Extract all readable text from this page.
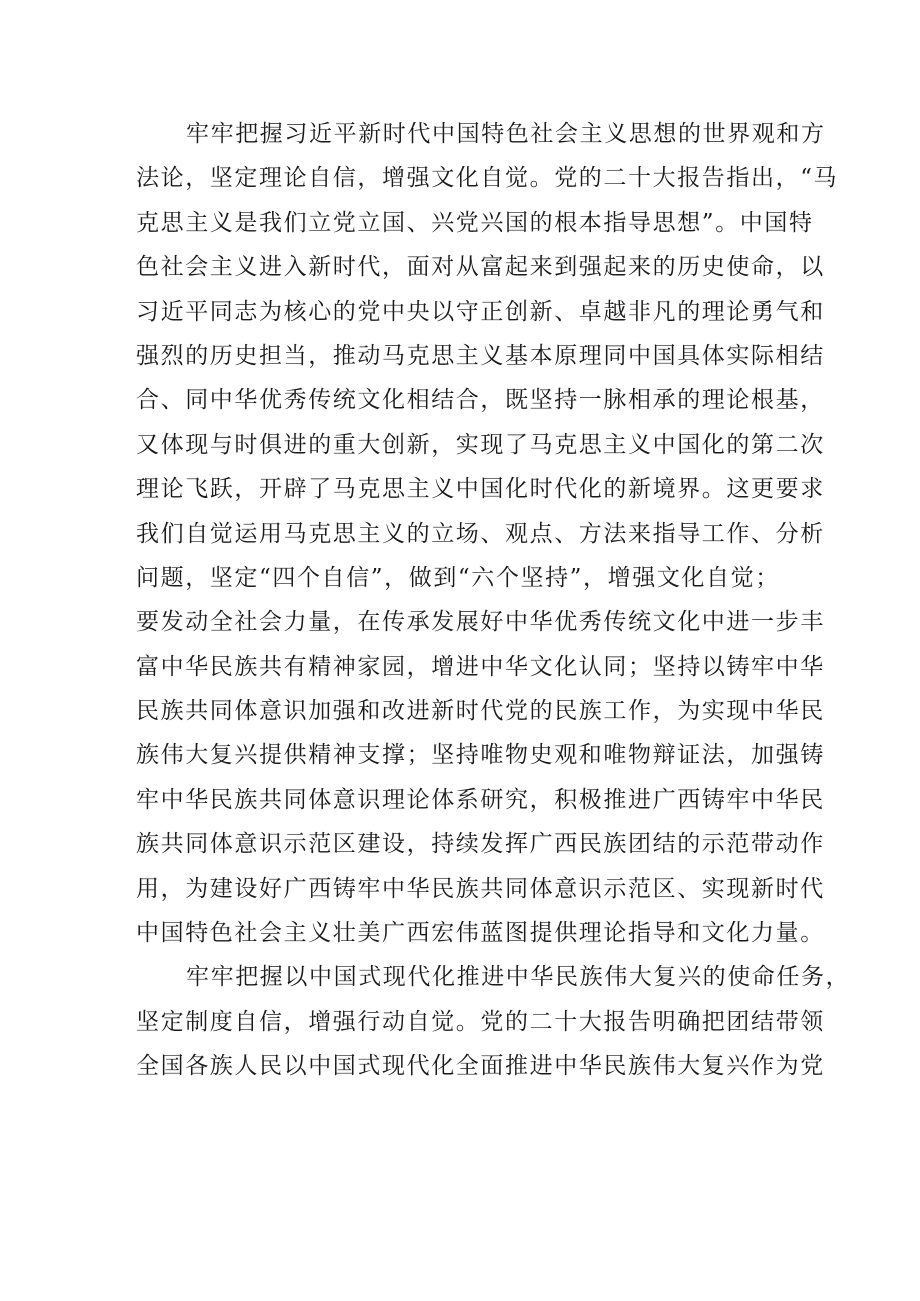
牢牢把握习近平新时代中国特色社会主义思想的世界观和方
法论，坚定理论自信，增强文化自觉。党的二十大报告指出，“马
克思主义是我们立党立国、兴党兴国的根本指导思想”。中国特
色社会主义进入新时代，面对从富起来到强起来的历史使命，以
习近平同志为核心的党中央以守正创新、卓越非凡的理论勇气和
强烈的历史担当，推动马克思主义基本原理同中国具体实际相结
合、同中华优秀传统文化相结合，既坚持一脉相承的理论根基，
又体现与时俱进的重大创新，实现了马克思主义中国化的第二次
理论飞跃，开辟了马克思主义中国化时代化的新境界。这更要求
我们自觉运用马克思主义的立场、观点、方法来指导工作、分析
问题，坚定“四个自信”，做到“六个坚持”，增强文化自觉；
要发动全社会力量，在传承发展好中华优秀传统文化中进一步丰
富中华民族共有精神家园，增进中华文化认同；坚持以铸牢中华
民族共同体意识加强和改进新时代党的民族工作，为实现中华民
族伟大复兴提供精神支撑；坚持唯物史观和唯物辩证法，加强铸
牢中华民族共同体意识理论体系研究，积极推进广西铸牢中华民
族共同体意识示范区建设，持续发挥广西民族团结的示范带动作
用，为建设好广西铸牢中华民族共同体意识示范区、实现新时代
中国特色社会主义壮美广西宏伟蓝图提供理论指导和文化力量。
牢牢把握以中国式现代化推进中华民族伟大复兴的使命任务，
坚定制度自信，增强行动自觉。党的二十大报告明确把团结带领
全国各族人民以中国式现代化全面推进中华民族伟大复兴作为党
